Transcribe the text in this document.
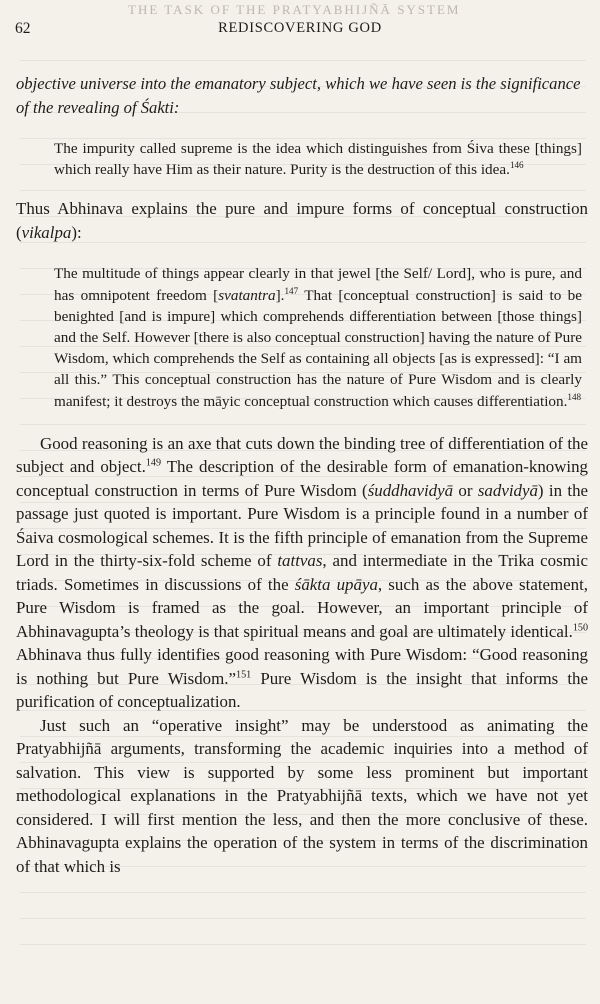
THE TASK OF THE PRATYABHIJÑĀ SYSTEM
62	REDISCOVERING GOD

objective universe into the emanatory subject, which we have seen is the significance of the revealing of Śakti:

The impurity called supreme is the idea which distinguishes from Śiva these [things] which really have Him as their nature. Purity is the destruction of this idea.$^{146}$

Thus Abhinava explains the pure and impure forms of conceptual construction (vikalpa):

The multitude of things appear clearly in that jewel [the Self/ Lord], who is pure, and has omnipotent freedom [svatantra].$^{147}$ That [conceptual construction] is said to be benighted [and is impure] which comprehends differentiation between [those things] and the Self. However [there is also conceptual construction] having the nature of Pure Wisdom, which comprehends the Self as containing all objects [as is expressed]: “I am all this.” This conceptual construction has the nature of Pure Wisdom and is clearly manifest; it destroys the māyic conceptual construction which causes differentiation.$^{148}$

Good reasoning is an axe that cuts down the binding tree of differentiation of the subject and object.$^{149}$ The description of the desirable form of emanation-knowing conceptual construction in terms of Pure Wisdom (śuddhavidyā or sadvidyā) in the passage just quoted is important. Pure Wisdom is a principle found in a number of Śaiva cosmological schemes. It is the fifth principle of emanation from the Supreme Lord in the thirty-six-fold scheme of tattvas, and intermediate in the Trika cosmic triads. Sometimes in discussions of the śākta upāya, such as the above statement, Pure Wisdom is framed as the goal. However, an important principle of Abhinavagupta’s theology is that spiritual means and goal are ultimately identical.$^{150}$ Abhinava thus fully identifies good reasoning with Pure Wisdom: “Good reasoning is nothing but Pure Wisdom.”$^{151}$ Pure Wisdom is the insight that informs the purification of conceptualization.

Just such an “operative insight” may be understood as animating the Pratyabhijñā arguments, transforming the academic inquiries into a method of salvation. This view is supported by some less prominent but important methodological explanations in the Pratyabhijñā texts, which we have not yet considered. I will first mention the less, and then the more conclusive of these. Abhinavagupta explains the operation of the system in terms of the discrimination of that which is
